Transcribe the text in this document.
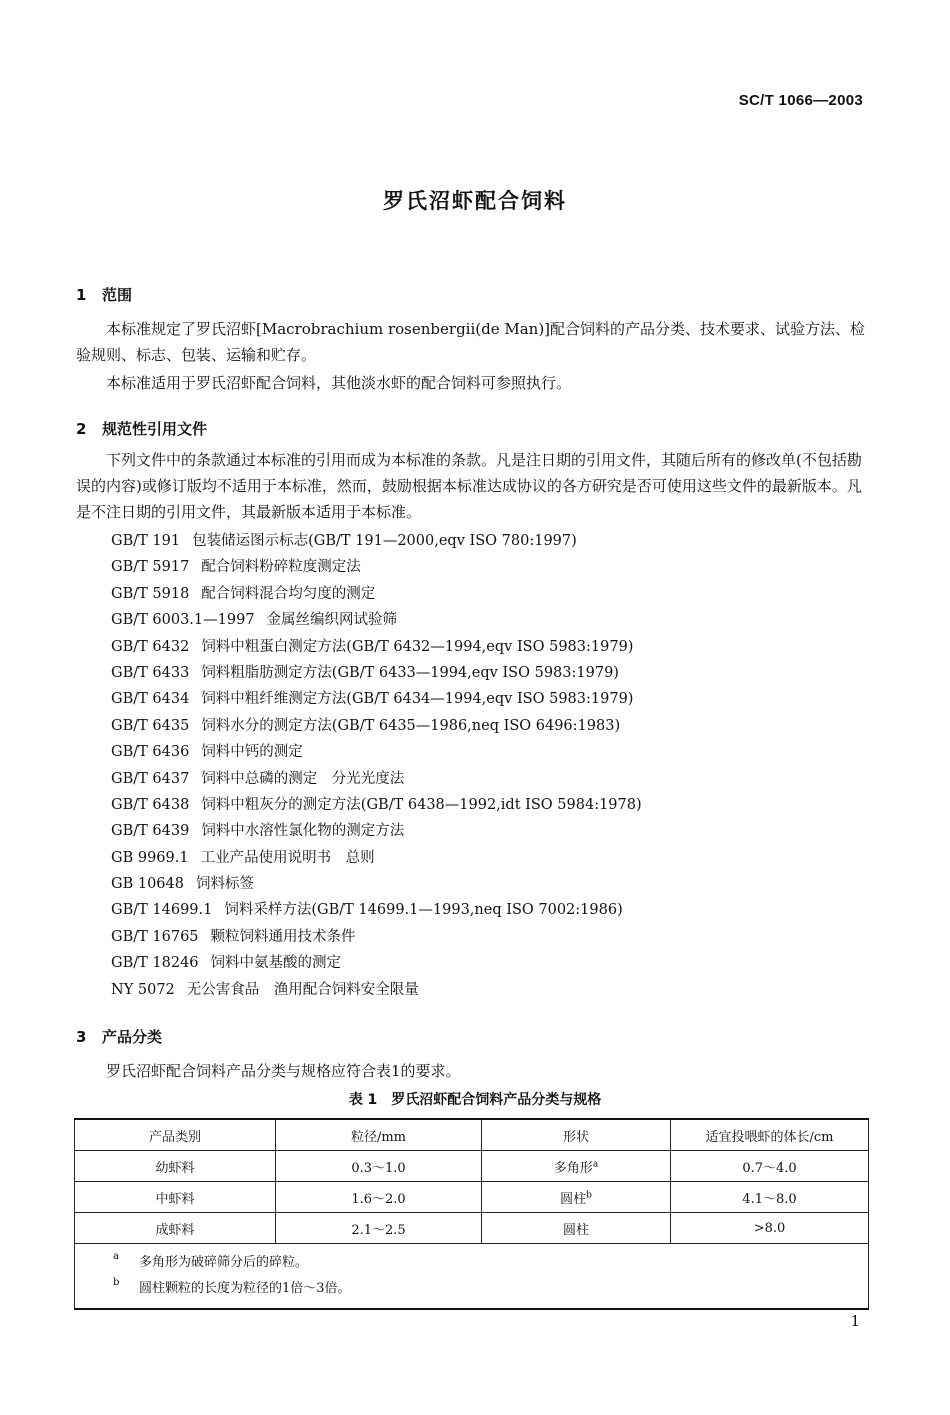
SC/T 1066—2003
罗氏沼虾配合饲料
1 范围
本标准规定了罗氏沼虾[Macrobrachium rosenbergii(de Man)]配合饲料的产品分类、技术要求、试验方法、检验规则、标志、包装、运输和贮存。
本标准适用于罗氏沼虾配合饲料，其他淡水虾的配合饲料可参照执行。
2 规范性引用文件
下列文件中的条款通过本标准的引用而成为本标准的条款。凡是注日期的引用文件，其随后所有的修改单(不包括勘误的内容)或修订版均不适用于本标准，然而，鼓励根据本标准达成协议的各方研究是否可使用这些文件的最新版本。凡是不注日期的引用文件，其最新版本适用于本标准。
GB/T 191 包装储运图示标志(GB/T 191—2000,eqv ISO 780:1997)
GB/T 5917 配合饲料粉碎粒度测定法
GB/T 5918 配合饲料混合均匀度的测定
GB/T 6003.1—1997 金属丝编织网试验筛
GB/T 6432 饲料中粗蛋白测定方法(GB/T 6432—1994,eqv ISO 5983:1979)
GB/T 6433 饲料粗脂肪测定方法(GB/T 6433—1994,eqv ISO 5983:1979)
GB/T 6434 饲料中粗纤维测定方法(GB/T 6434—1994,eqv ISO 5983:1979)
GB/T 6435 饲料水分的测定方法(GB/T 6435—1986,neq ISO 6496:1983)
GB/T 6436 饲料中钙的测定
GB/T 6437 饲料中总磷的测定　分光光度法
GB/T 6438 饲料中粗灰分的测定方法(GB/T 6438—1992,idt ISO 5984:1978)
GB/T 6439 饲料中水溶性氯化物的测定方法
GB 9969.1 工业产品使用说明书　总则
GB 10648 饲料标签
GB/T 14699.1 饲料采样方法(GB/T 14699.1—1993,neq ISO 7002:1986)
GB/T 16765 颗粒饲料通用技术条件
GB/T 18246 饲料中氨基酸的测定
NY 5072 无公害食品　渔用配合饲料安全限量
3 产品分类
罗氏沼虾配合饲料产品分类与规格应符合表1的要求。
表 1　罗氏沼虾配合饲料产品分类与规格
产品类别	粒径/mm	形状	适宜投喂虾的体长/cm
幼虾料	0.3～1.0	多角形$^a$	0.7～4.0
中虾料	1.6～2.0	圆柱$^b$	4.1～8.0
成虾料	2.1～2.5	圆柱	>8.0

$^a$ 多角形为破碎筛分后的碎粒。
$^b$ 圆柱颗粒的长度为粒径的1倍～3倍。			
1
